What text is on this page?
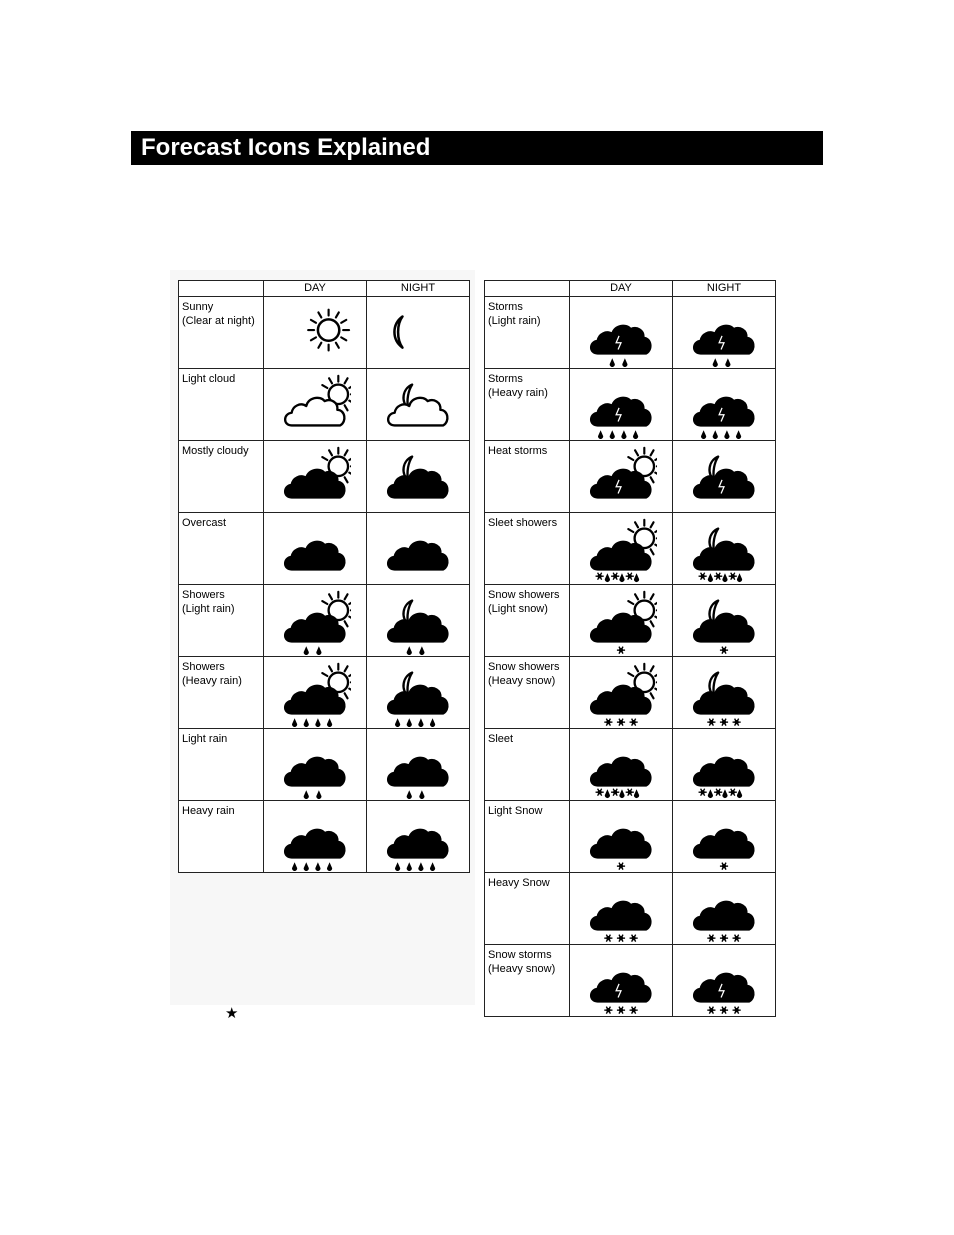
Forecast Icons Explained
	DAY	NIGHT

Sunny
(Clear at night)

Light cloud

Mostly cloudy

Overcast

Showers
(Light rain)

Showers
(Heavy rain)

Light rain

Heavy rain

	DAY	NIGHT

Storms
(Light rain)

Storms
(Heavy rain)

Heat storms

Sleet showers

Snow showers
(Light snow)

Snow showers
(Heavy snow)

Sleet

Light Snow

Heavy Snow

Snow storms
(Heavy snow)

★
